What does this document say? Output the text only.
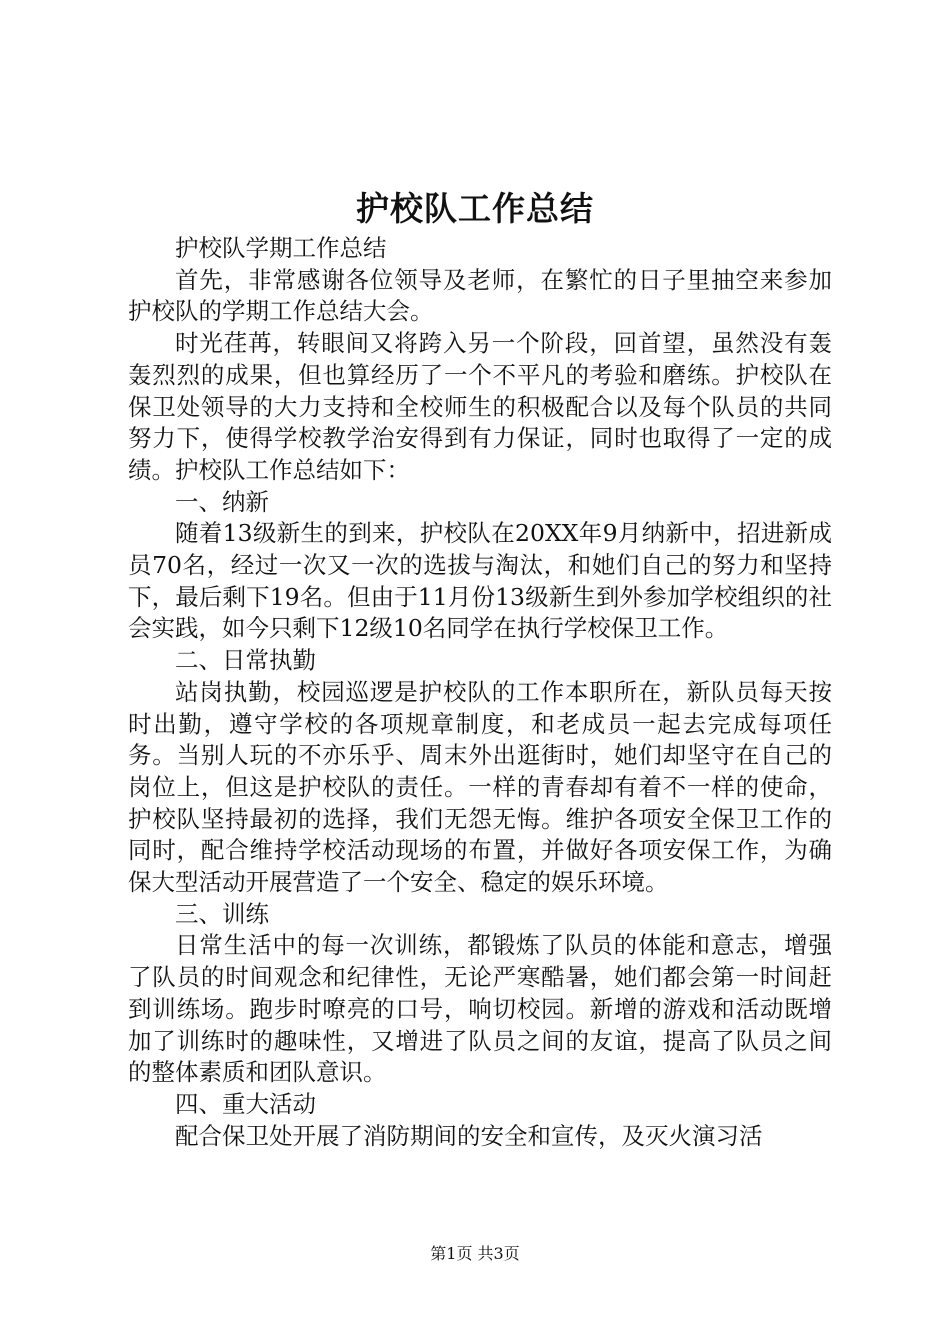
护校队工作总结

护校队学期工作总结

首先，非常感谢各位领导及老师，在繁忙的日子里抽空来参加护校队的学期工作总结大会。

时光荏苒，转眼间又将跨入另一个阶段，回首望，虽然没有轰轰烈烈的成果，但也算经历了一个不平凡的考验和磨练。护校队在保卫处领导的大力支持和全校师生的积极配合以及每个队员的共同努力下，使得学校教学治安得到有力保证，同时也取得了一定的成绩。护校队工作总结如下：

一、纳新

随着13级新生的到来，护校队在20XX年9月纳新中，招进新成员70名，经过一次又一次的选拔与淘汰，和她们自己的努力和坚持下，最后剩下19名。但由于11月份13级新生到外参加学校组织的社会实践，如今只剩下12级10名同学在执行学校保卫工作。

二、日常执勤

站岗执勤，校园巡逻是护校队的工作本职所在，新队员每天按时出勤，遵守学校的各项规章制度，和老成员一起去完成每项任务。当别人玩的不亦乐乎、周末外出逛街时，她们却坚守在自己的岗位上，但这是护校队的责任。一样的青春却有着不一样的使命，护校队坚持最初的选择，我们无怨无悔。维护各项安全保卫工作的同时，配合维持学校活动现场的布置，并做好各项安保工作，为确保大型活动开展营造了一个安全、稳定的娱乐环境。

三、训练

日常生活中的每一次训练，都锻炼了队员的体能和意志，增强了队员的时间观念和纪律性，无论严寒酷暑，她们都会第一时间赶到训练场。跑步时嘹亮的口号，响切校园。新增的游戏和活动既增加了训练时的趣味性，又增进了队员之间的友谊，提高了队员之间的整体素质和团队意识。

四、重大活动

配合保卫处开展了消防期间的安全和宣传，及灭火演习活

第1页 共3页
